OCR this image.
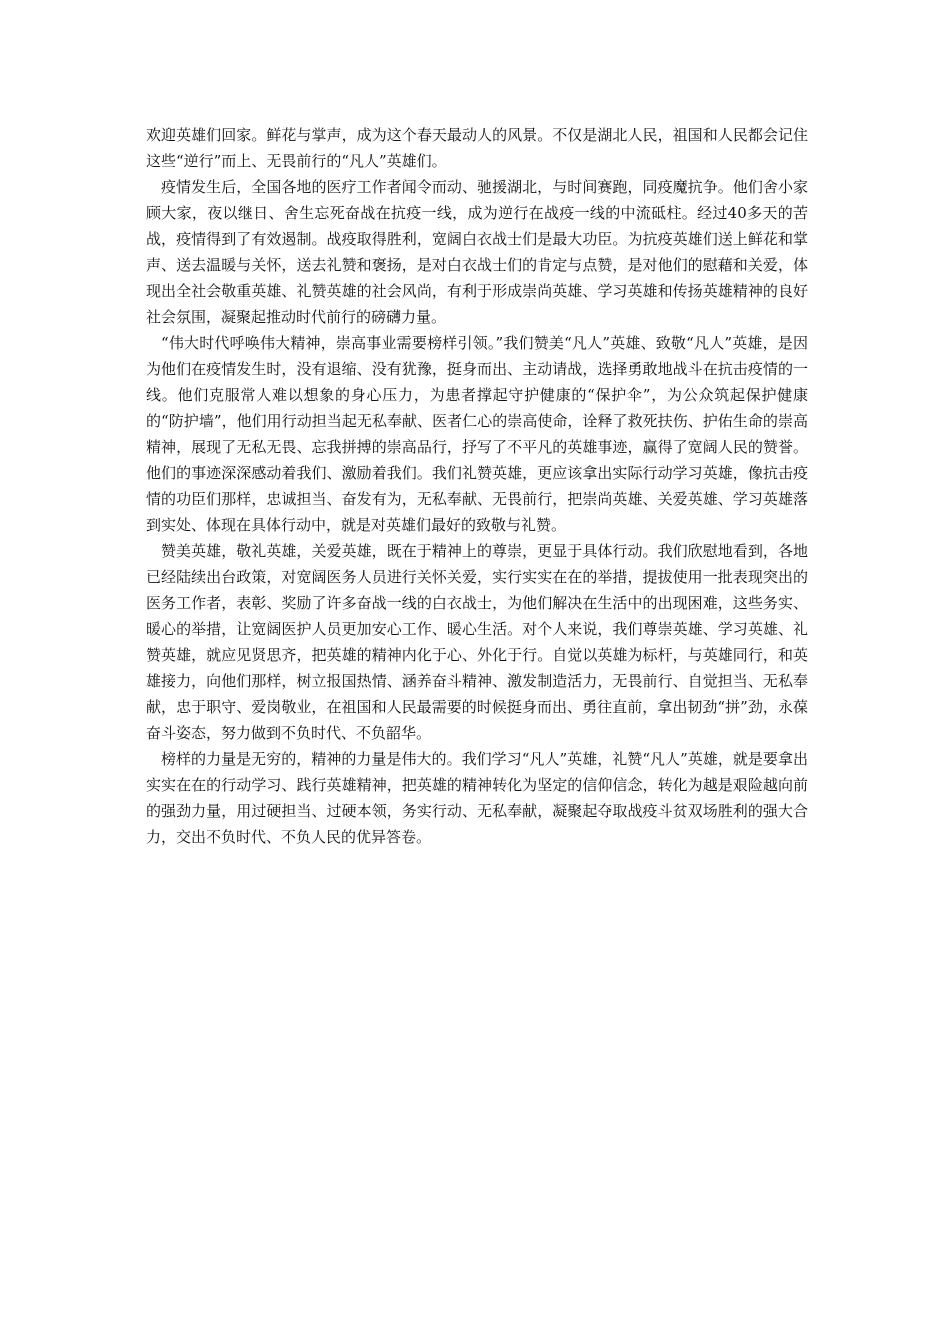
欢迎英雄们回家。鲜花与掌声，成为这个春天最动人的风景。不仅是湖北人民，祖国和人民都会记住这些“逆行”而上、无畏前行的“凡人”英雄们。

疫情发生后，全国各地的医疗工作者闻令而动、驰援湖北，与时间赛跑，同疫魔抗争。他们舍小家顾大家，夜以继日、舍生忘死奋战在抗疫一线，成为逆行在战疫一线的中流砥柱。经过40多天的苦战，疫情得到了有效遏制。战疫取得胜利，宽阔白衣战士们是最大功臣。为抗疫英雄们送上鲜花和掌声、送去温暖与关怀，送去礼赞和褒扬，是对白衣战士们的肯定与点赞，是对他们的慰藉和关爱，体现出全社会敬重英雄、礼赞英雄的社会风尚，有利于形成崇尚英雄、学习英雄和传扬英雄精神的良好社会氛围，凝聚起推动时代前行的磅礴力量。

“伟大时代呼唤伟大精神，崇高事业需要榜样引领。”我们赞美“凡人”英雄、致敬“凡人”英雄，是因为他们在疫情发生时，没有退缩、没有犹豫，挺身而出、主动请战，选择勇敢地战斗在抗击疫情的一线。他们克服常人难以想象的身心压力，为患者撑起守护健康的“保护伞”，为公众筑起保护健康的“防护墙”，他们用行动担当起无私奉献、医者仁心的崇高使命，诠释了救死扶伤、护佑生命的崇高精神，展现了无私无畏、忘我拼搏的崇高品行，抒写了不平凡的英雄事迹，赢得了宽阔人民的赞誉。他们的事迹深深感动着我们、激励着我们。我们礼赞英雄，更应该拿出实际行动学习英雄，像抗击疫情的功臣们那样，忠诚担当、奋发有为，无私奉献、无畏前行，把崇尚英雄、关爱英雄、学习英雄落到实处、体现在具体行动中，就是对英雄们最好的致敬与礼赞。

赞美英雄，敬礼英雄，关爱英雄，既在于精神上的尊崇，更显于具体行动。我们欣慰地看到，各地已经陆续出台政策，对宽阔医务人员进行关怀关爱，实行实实在在的举措，提拔使用一批表现突出的医务工作者，表彰、奖励了许多奋战一线的白衣战士，为他们解决在生活中的出现困难，这些务实、暖心的举措，让宽阔医护人员更加安心工作、暖心生活。对个人来说，我们尊崇英雄、学习英雄、礼赞英雄，就应见贤思齐，把英雄的精神内化于心、外化于行。自觉以英雄为标杆，与英雄同行，和英雄接力，向他们那样，树立报国热情、涵养奋斗精神、激发制造活力，无畏前行、自觉担当、无私奉献，忠于职守、爱岗敬业，在祖国和人民最需要的时候挺身而出、勇往直前，拿出韧劲“拼”劲，永葆奋斗姿态，努力做到不负时代、不负韶华。

榜样的力量是无穷的，精神的力量是伟大的。我们学习“凡人”英雄，礼赞“凡人”英雄，就是要拿出实实在在的行动学习、践行英雄精神，把英雄的精神转化为坚定的信仰信念，转化为越是艰险越向前的强劲力量，用过硬担当、过硬本领，务实行动、无私奉献，凝聚起夺取战疫斗贫双场胜利的强大合力，交出不负时代、不负人民的优异答卷。
